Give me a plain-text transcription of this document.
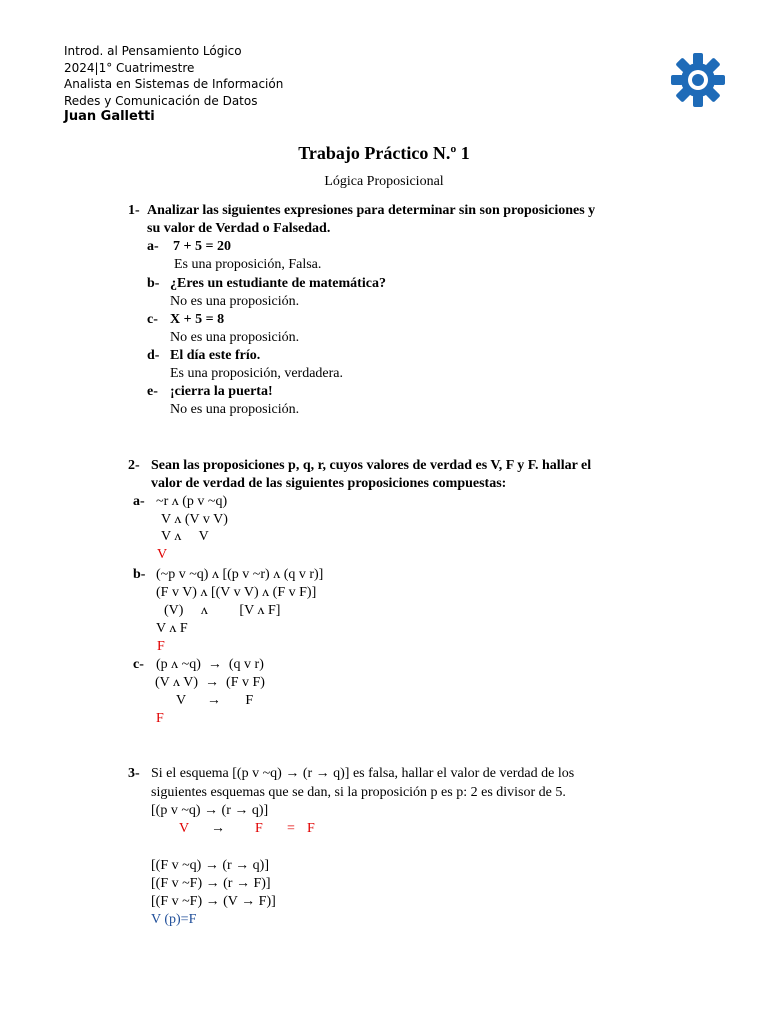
Introd. al Pensamiento Lógico
2024|1° Cuatrimestre
Analista en Sistemas de Información
Redes y Comunicación de Datos
Juan Galletti
Trabajo Práctico N.º 1
Lógica Proposicional
1- Analizar las siguientes expresiones para determinar sin son proposiciones y
su valor de Verdad o Falsedad.
a- 7 + 5 = 20
Es una proposición, Falsa.
b- ¿Eres un estudiante de matemática?
No es una proposición.
c- X + 5 = 8
No es una proposición.
d- El día este frío.
Es una proposición, verdadera.
e- ¡cierra la puerta!
No es una proposición.
2- Sean las proposiciones p, q, r, cuyos valores de verdad es V, F y F. hallar el
valor de verdad de las siguientes proposiciones compuestas:
a- ~r ʌ (p v ~q)
V ʌ (V v V)
V ʌ     V
V
b- (~p v ~q) ʌ [(p v ~r) ʌ (q v r)]
(F v V) ʌ [(V v V) ʌ (F v F)]
(V)     ʌ         [V ʌ F]
V ʌ F
F
c- (p ʌ ~q)  →  (q v r)
(V ʌ V)  →  (F v F)
V      →       F
F
3- Si el esquema [(p v ~q) → (r → q)] es falsa, hallar el valor de verdad de los
siguientes esquemas que se dan, si la proposición p es p: 2 es divisor de 5.
[(p v ~q) → (r → q)]
V → F = F
[(F v ~q) → (r → q)]
[(F v ~F) → (r → F)]
[(F v ~F) → (V → F)]
V (p)=F
